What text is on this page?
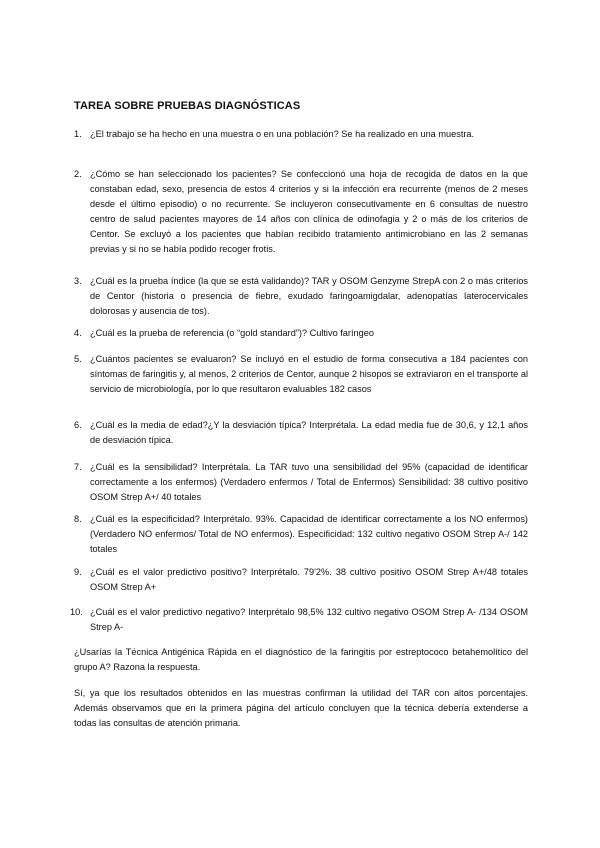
TAREA SOBRE PRUEBAS DIAGNÓSTICAS
1. ¿El trabajo se ha hecho en una muestra o en una población? Se ha realizado en una muestra.
2. ¿Cómo se han seleccionado los pacientes? Se confeccionó una hoja de recogida de datos en la que constaban edad, sexo, presencia de estos 4 criterios y si la infección era recurrente (menos de 2 meses desde el último episodio) o no recurrente. Se incluyeron consecutivamente en 6 consultas de nuestro centro de salud pacientes mayores de 14 años con clínica de odinofagia y 2 o más de los criterios de Centor. Se excluyó a los pacientes que habían recibido tratamiento antimicrobiano en las 2 semanas previas y si no se había podido recoger frotis.
3. ¿Cuál es la prueba índice (la que se está validando)? TAR y OSOM Genzyme StrepA con 2 o más criterios de Centor (historia o presencia de fiebre, exudado faringoamigdalar, adenopatías laterocervicales dolorosas y ausencia de tos).
4. ¿Cuál es la prueba de referencia (o “gold standard”)? Cultivo faríngeo
5. ¿Cuántos pacientes se evaluaron? Se incluyó en el estudio de forma consecutiva a 184 pacientes con síntomas de faringitis y, al menos, 2 criterios de Centor, aunque 2 hisopos se extraviaron en el transporte al servicio de microbiología, por lo que resultaron evaluables 182 casos
6. ¿Cuál es la media de edad?¿Y la desviación típica? Interprétala. La edad media fue de 30,6, y 12,1 años de desviación típica.
7. ¿Cuál es la sensibilidad? Interprétala. La TAR tuvo una sensibilidad del 95% (capacidad de identificar correctamente a los enfermos) (Verdadero enfermos / Total de Enfermos) Sensibilidad: 38 cultivo positivo OSOM Strep A+/ 40 totales
8. ¿Cuál es la especificidad? Interprétalo. 93%. Capacidad de identificar correctamente a los NO enfermos) (Verdadero NO enfermos/ Total de NO enfermos). Especificidad: 132 cultivo negativo OSOM Strep A-/ 142 totales
9. ¿Cuál es el valor predictivo positivo? Interprétalo. 79'2%. 38 cultivo positivo OSOM Strep A+/48 totales OSOM Strep A+
10. ¿Cuál es el valor predictivo negativo? Interprétalo 98,5% 132 cultivo negativo OSOM Strep A- /134 OSOM Strep A-
¿Usarías la Técnica Antigénica Rápida en el diagnóstico de la faringitis por estreptococo betahemolítico del grupo A? Razona la respuesta.
Sí, ya que los resultados obtenidos en las muestras confirman la utilidad del TAR con altos porcentajes. Además observamos que en la primera página del artículo concluyen que la técnica debería extenderse a todas las consultas de atención primaria.
